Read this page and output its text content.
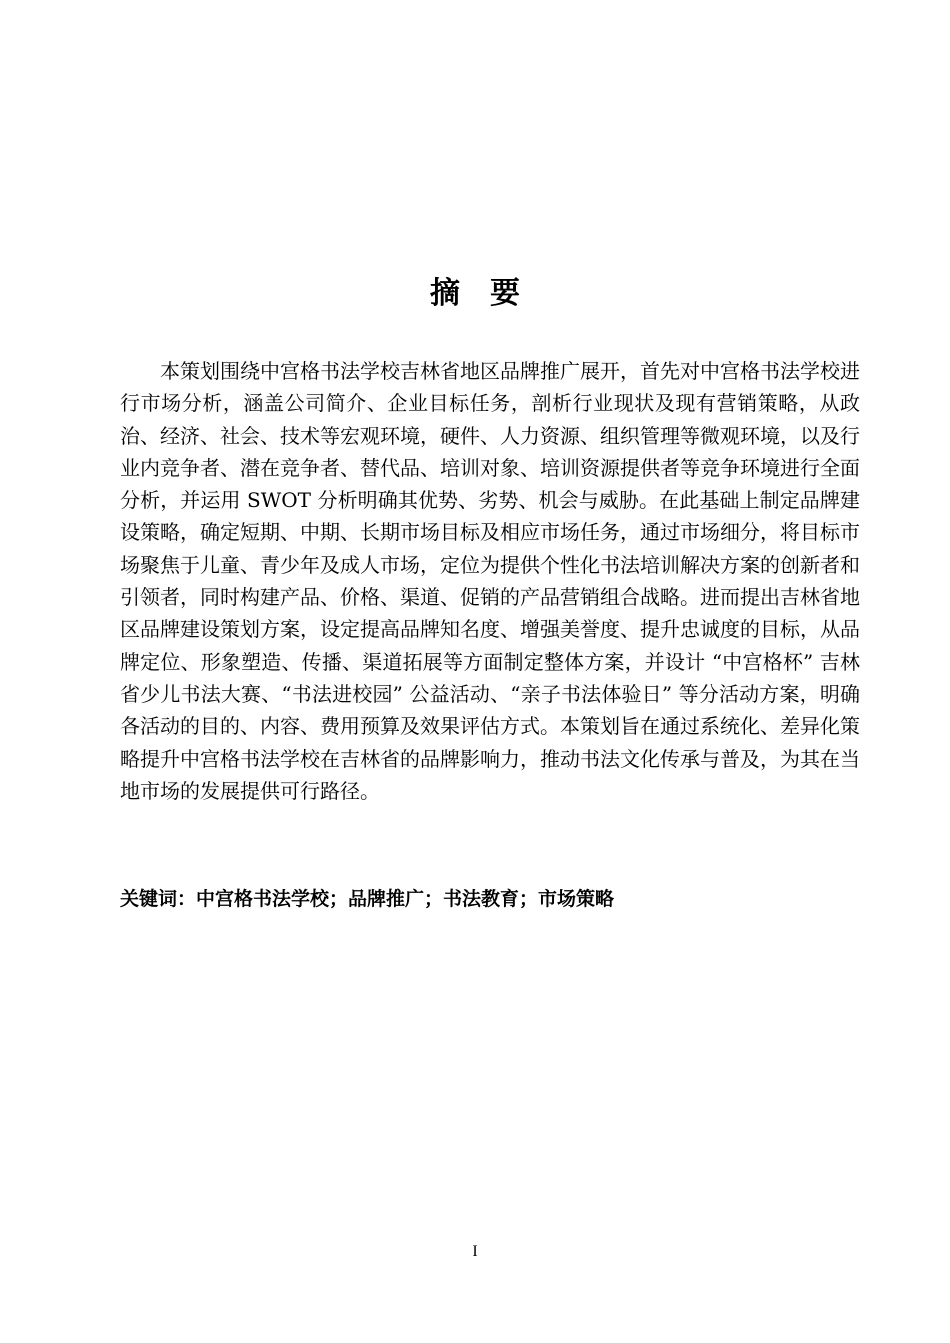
摘要

本策划围绕中宫格书法学校吉林省地区品牌推广展开，首先对中宫格书法学校进行市场分析，涵盖公司简介、企业目标任务，剖析行业现状及现有营销策略，从政治、经济、社会、技术等宏观环境，硬件、人力资源、组织管理等微观环境，以及行业内竞争者、潜在竞争者、替代品、培训对象、培训资源提供者等竞争环境进行全面分析，并运用 SWOT 分析明确其优势、劣势、机会与威胁。在此基础上制定品牌建设策略，确定短期、中期、长期市场目标及相应市场任务，通过市场细分，将目标市场聚焦于儿童、青少年及成人市场，定位为提供个性化书法培训解决方案的创新者和引领者，同时构建产品、价格、渠道、促销的产品营销组合战略。进而提出吉林省地区品牌建设策划方案，设定提高品牌知名度、增强美誉度、提升忠诚度的目标，从品牌定位、形象塑造、传播、渠道拓展等方面制定整体方案，并设计 “中宫格杯” 吉林省少儿书法大赛、“书法进校园” 公益活动、“亲子书法体验日” 等分活动方案，明确各活动的目的、内容、费用预算及效果评估方式。本策划旨在通过系统化、差异化策略提升中宫格书法学校在吉林省的品牌影响力，推动书法文化传承与普及，为其在当地市场的发展提供可行路径。

关键词：中宫格书法学校；品牌推广；书法教育；市场策略

I
